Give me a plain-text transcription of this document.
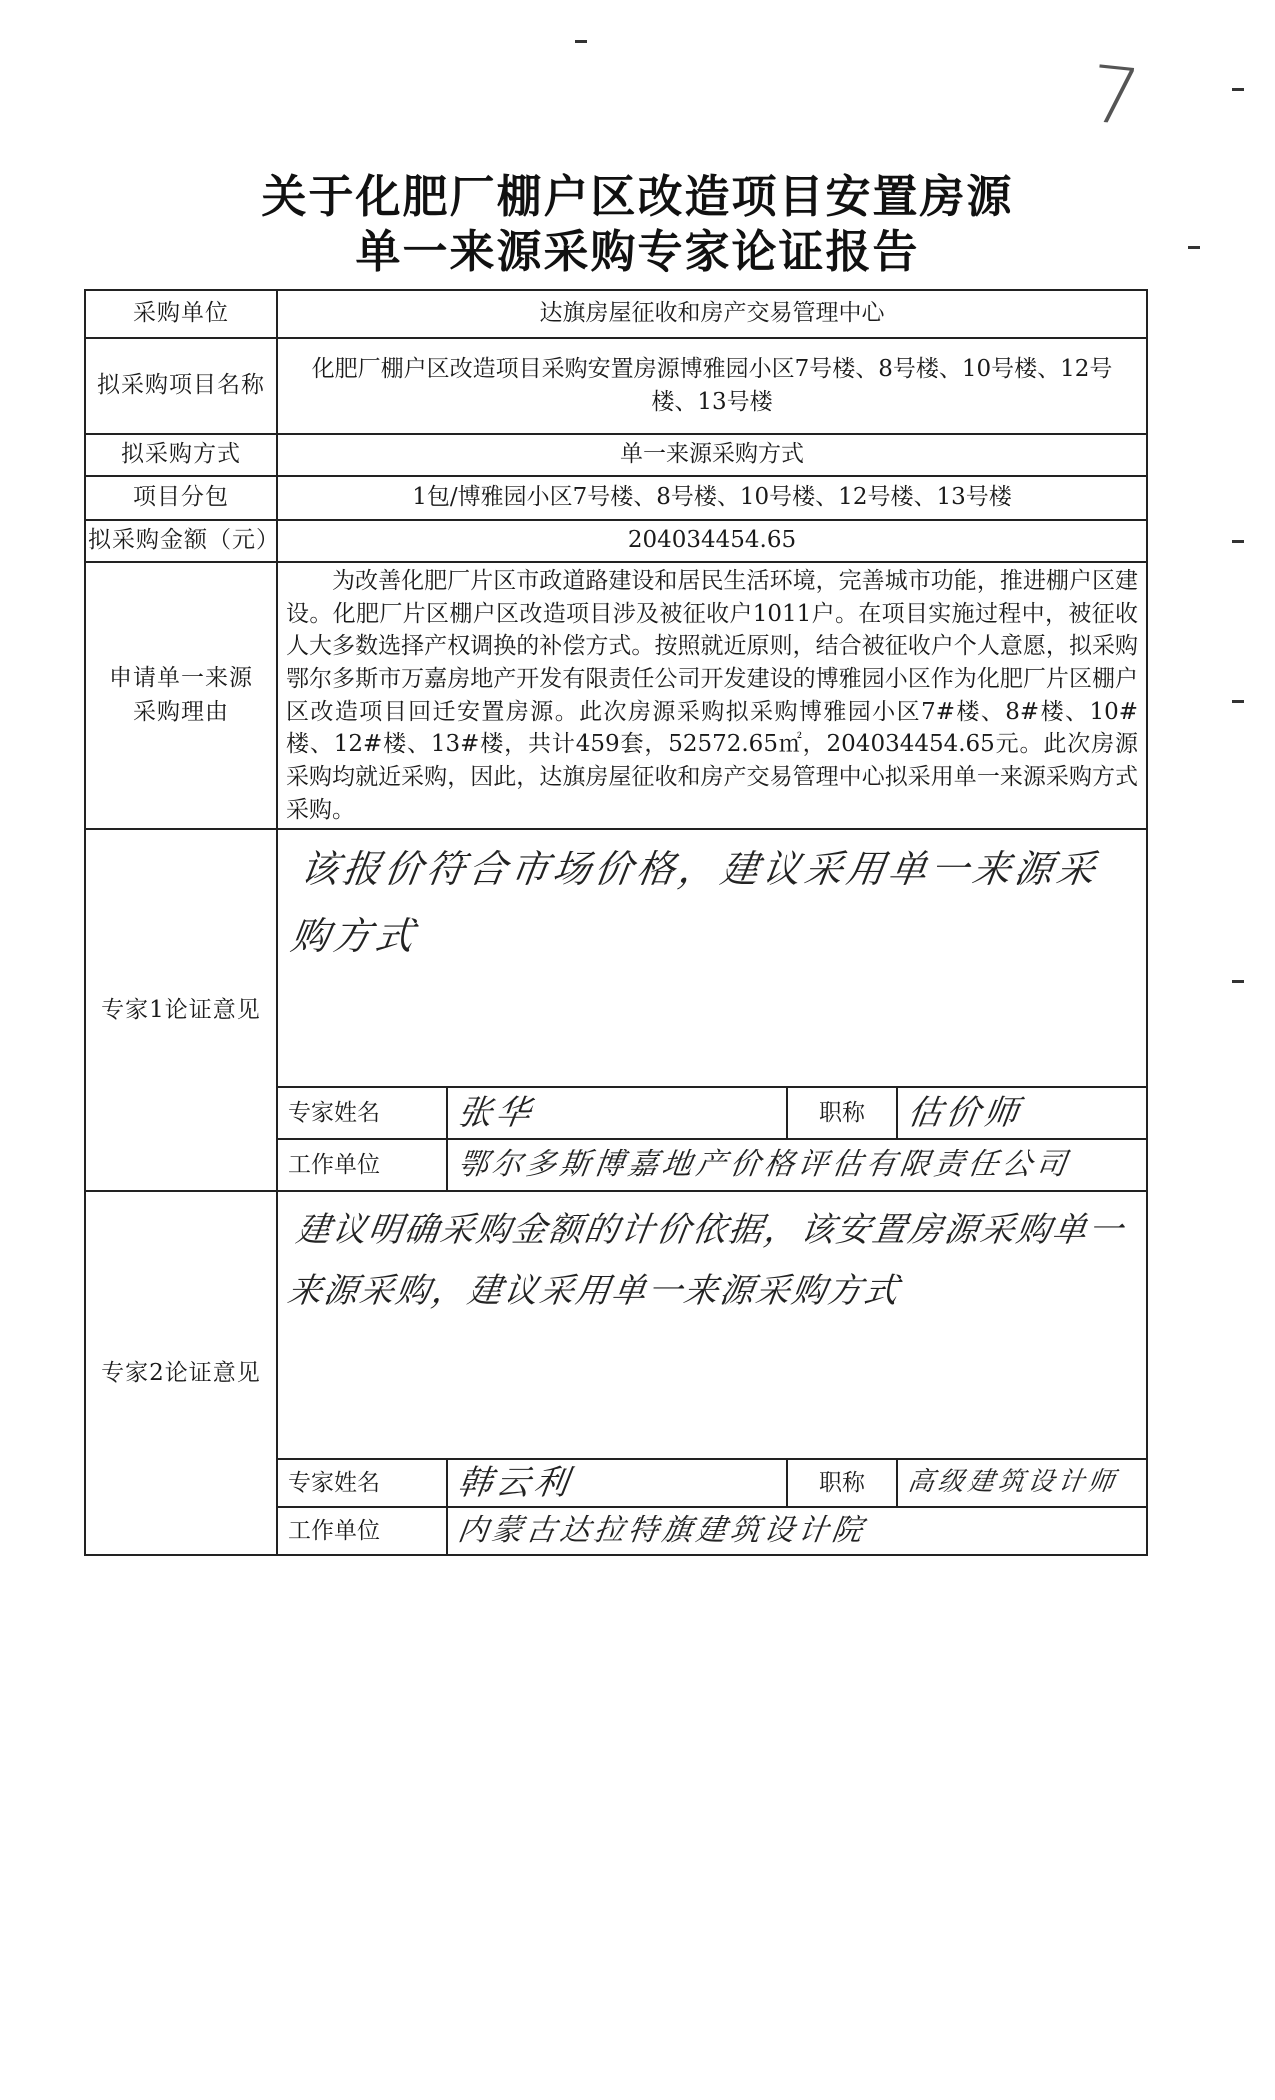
7
关于化肥厂棚户区改造项目安置房源
单一来源采购专家论证报告
采购单位	达旗房屋征收和房产交易管理中心			
拟采购项目名称	化肥厂棚户区改造项目采购安置房源博雅园小区7号楼、8号楼、10号楼、12号楼、13号楼			
拟采购方式	单一来源采购方式			
项目分包	1包/博雅园小区7号楼、8号楼、10号楼、12号楼、13号楼			
拟采购金额（元）	204034454.65			
申请单一来源采购理由	为改善化肥厂片区市政道路建设和居民生活环境，完善城市功能，推进棚户区建设。化肥厂片区棚户区改造项目涉及被征收户1011户。在项目实施过程中，被征收人大多数选择产权调换的补偿方式。按照就近原则，结合被征收户个人意愿，拟采购鄂尔多斯市万嘉房地产开发有限责任公司开发建设的博雅园小区作为化肥厂片区棚户区改造项目回迁安置房源。此次房源采购拟采购博雅园小区7#楼、8#楼、10#楼、12#楼、13#楼，共计459套，52572.65㎡，204034454.65元。此次房源采购均就近采购，因此，达旗房屋征收和房产交易管理中心拟采用单一来源采购方式采购。			
专家1论证意见	该报价符合市场价格，建议采用单一来源采购方式			

	专家姓名	张华	职称	估价师
	工作单位	鄂尔多斯博嘉地产价格评估有限责任公司		
专家2论证意见	建议明确采购金额的计价依据，该安置房源采购单一来源采购，建议采用单一来源采购方式			

	专家姓名	韩云利	职称	高级建筑设计师
	工作单位	内蒙古达拉特旗建筑设计院		
